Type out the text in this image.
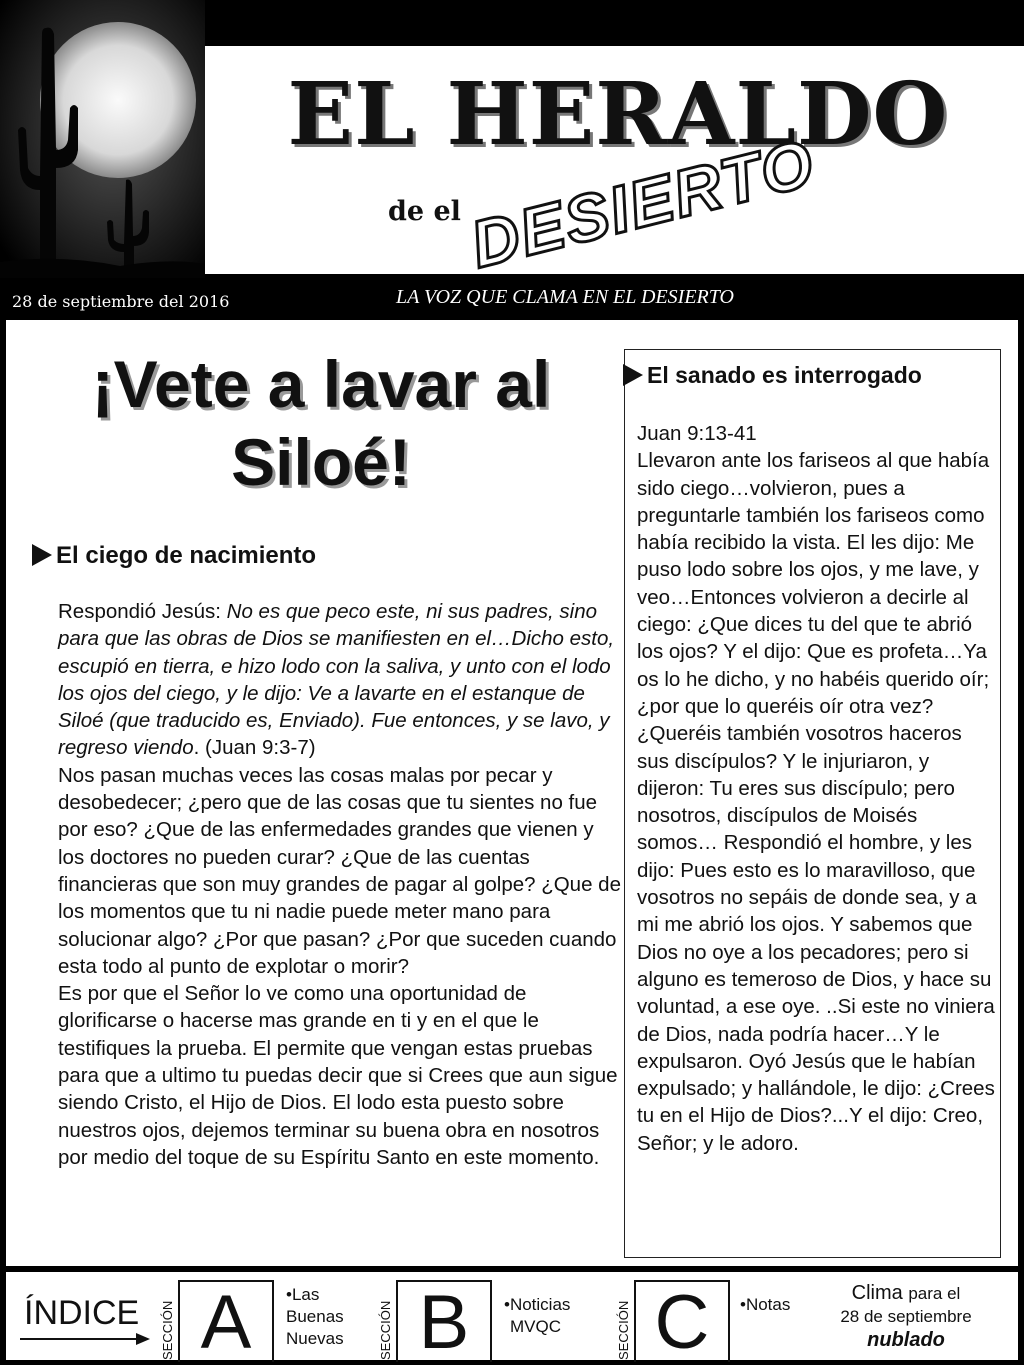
EL HERALDO
de el DESIERTO
28 de septiembre del 2016	LA VOZ QUE CLAMA EN EL DESIERTO
¡Vete a lavar al Siloé!
El ciego de nacimiento

Respondió Jesús: No es que peco este, ni sus padres, sino para que las obras de Dios se manifiesten en el…Dicho esto, escupió en tierra, e hizo lodo con la saliva, y unto con el lodo los ojos del ciego, y le dijo: Ve a lavarte en el estanque de Siloé (que traducido es, Enviado). Fue entonces, y se lavo, y regreso viendo. (Juan 9:3-7)

Nos pasan muchas veces las cosas malas por pecar y desobedecer; ¿pero que de las cosas que tu sientes no fue por eso? ¿Que de las enfermedades grandes que vienen y los doctores no pueden curar? ¿Que de las cuentas financieras que son muy grandes de pagar al golpe? ¿Que de los momentos que tu ni nadie puede meter mano para solucionar algo? ¿Por que pasan? ¿Por que suceden cuando esta todo al punto de explotar o morir?

Es por que el Señor lo ve como una oportunidad de glorificarse o hacerse mas grande en ti y en el que le testifiques la prueba. El permite que vengan estas pruebas para que a ultimo tu puedas decir que si Crees que aun sigue siendo Cristo, el Hijo de Dios. El lodo esta puesto sobre nuestros ojos, dejemos terminar su buena obra en nosotros por medio del toque de su Espíritu Santo en este momento.

El sanado es interrogado
Juan 9:13-41
Llevaron ante los fariseos al que había sido ciego…volvieron, pues a preguntarle también los fariseos como había recibido la vista. El les dijo: Me puso lodo sobre los ojos, y me lave, y veo…Entonces volvieron a decirle al ciego: ¿Que dices tu del que te abrió los ojos? Y el dijo: Que es profeta…Ya os lo he dicho, y no habéis querido oír; ¿por que lo queréis oír otra vez? ¿Queréis también vosotros haceros sus discípulos? Y le injuriaron, y dijeron: Tu eres sus discípulo; pero nosotros, discípulos de Moisés somos… Respondió el hombre, y les dijo: Pues esto es lo maravilloso, que vosotros no sepáis de donde sea, y a mi me abrió los ojos. Y sabemos que Dios no oye a los pecadores; pero si alguno es temeroso de Dios, y hace su voluntad, a ese oye. ..Si este no viniera de Dios, nada podría hacer…Y le expulsaron. Oyó Jesús que le habían expulsado; y hallándole, le dijo: ¿Crees tu en el Hijo de Dios?...Y el dijo: Creo, Señor; y le adoro.
ÍNDICE SECCIÓN A	•Las
Buenas
Nuevas	SECCIÓN B	•Noticias
MVQC	SECCIÓN C	•Notas
Clima para el
28 de septiembre
nublado
